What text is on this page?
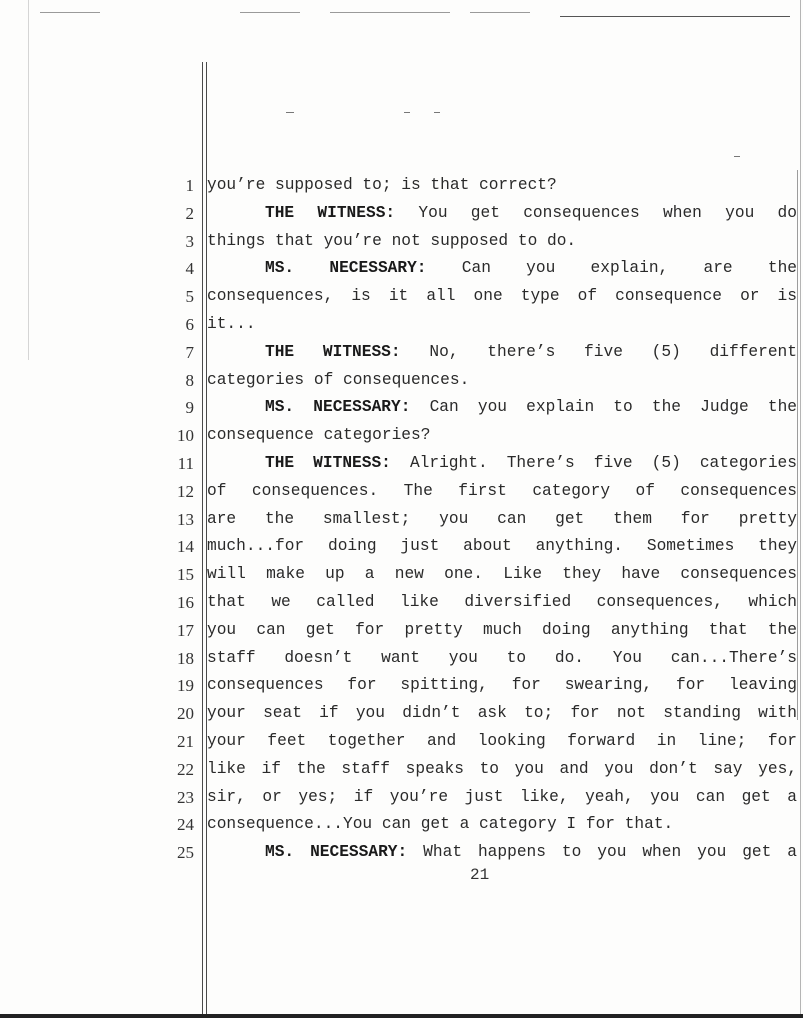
1 you’re supposed to; is that correct?
2	THE WITNESS: You get consequences when you do
3 things that you’re not supposed to do.
4	MS. NECESSARY: Can you explain, are the
5 consequences, is it all one type of consequence or is
6 it...
7	THE WITNESS: No, there’s five (5) different
8 categories of consequences.
9	MS. NECESSARY: Can you explain to the Judge the
10 consequence categories?
11	THE WITNESS: Alright. There’s five (5) categories
12 of consequences. The first category of consequences
13 are the smallest; you can get them for pretty
14 much...for doing just about anything. Sometimes they
15 will make up a new one. Like they have consequences
16 that we called like diversified consequences, which
17 you can get for pretty much doing anything that the
18 staff doesn’t want you to do. You can...There’s
19 consequences for spitting, for swearing, for leaving
20 your seat if you didn’t ask to; for not standing with
21 your feet together and looking forward in line; for
22 like if the staff speaks to you and you don’t say yes,
23 sir, or yes; if you’re just like, yeah, you can get a
24 consequence...You can get a category I for that.
25	MS. NECESSARY: What happens to you when you get a
21
